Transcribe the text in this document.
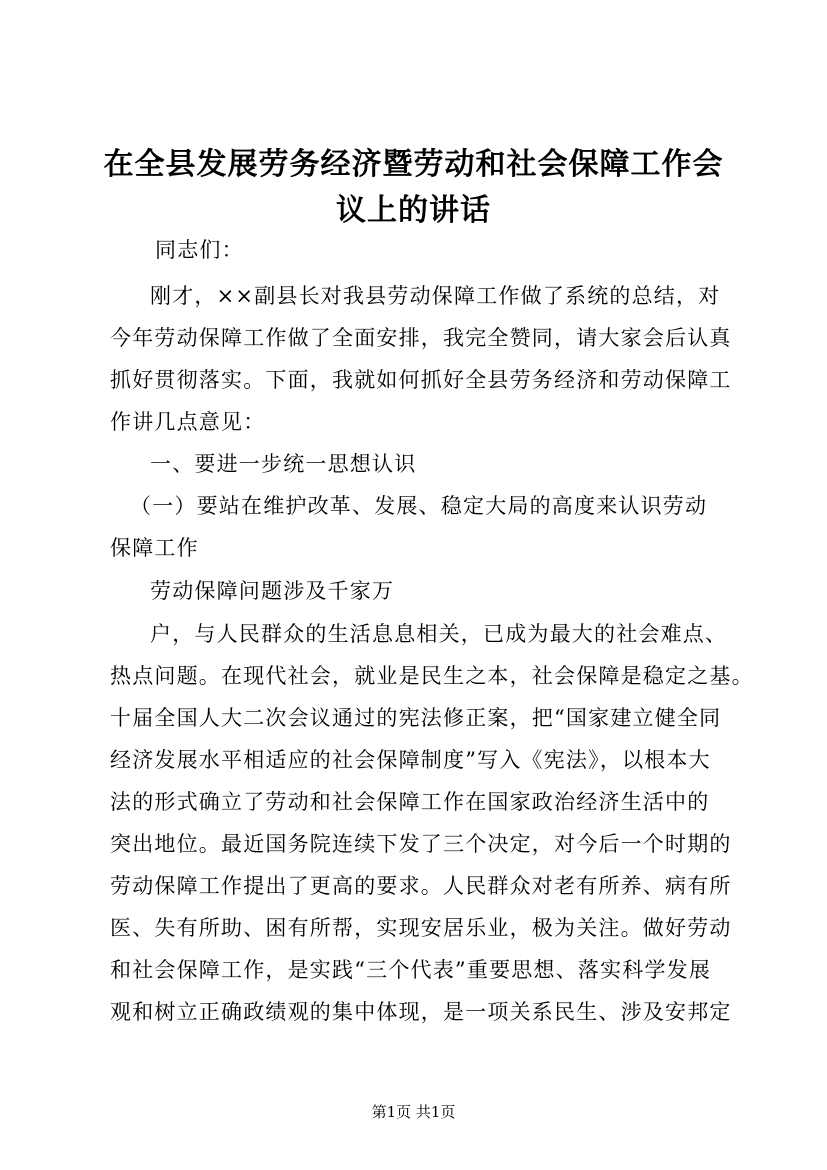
在全县发展劳务经济暨劳动和社会保障工作会
议上的讲话
同志们：
刚才，××副县长对我县劳动保障工作做了系统的总结，对
今年劳动保障工作做了全面安排，我完全赞同，请大家会后认真
抓好贯彻落实。下面，我就如何抓好全县劳务经济和劳动保障工
作讲几点意见：
一、要进一步统一思想认识
（一）要站在维护改革、发展、稳定大局的高度来认识劳动
保障工作
劳动保障问题涉及千家万
户，与人民群众的生活息息相关，已成为最大的社会难点、
热点问题。在现代社会，就业是民生之本，社会保障是稳定之基。
十届全国人大二次会议通过的宪法修正案，把“国家建立健全同
经济发展水平相适应的社会保障制度”写入《宪法》，以根本大
法的形式确立了劳动和社会保障工作在国家政治经济生活中的
突出地位。最近国务院连续下发了三个决定，对今后一个时期的
劳动保障工作提出了更高的要求。人民群众对老有所养、病有所
医、失有所助、困有所帮，实现安居乐业，极为关注。做好劳动
和社会保障工作，是实践“三个代表”重要思想、落实科学发展
观和树立正确政绩观的集中体现，是一项关系民生、涉及安邦定
第1页 共1页
